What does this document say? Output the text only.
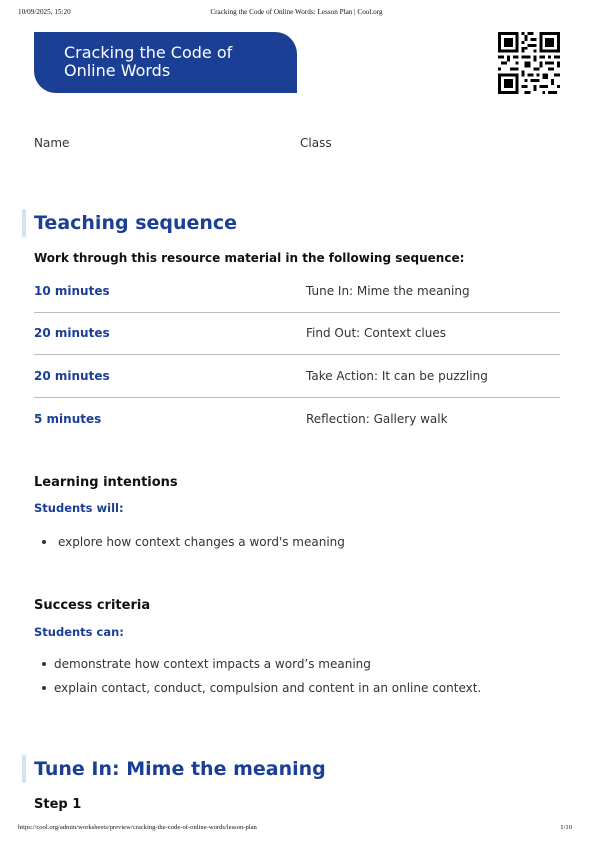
10/09/2025, 15:20	Cracking the Code of Online Words: Lesson Plan | Cool.org
Cracking the Code of
Online Words
Name	Class
Teaching sequence
Work through this resource material in the following sequence:
10 minutes	Tune In: Mime the meaning
20 minutes	Find Out: Context clues
20 minutes	Take Action: It can be puzzling
5 minutes	Reflection: Gallery walk
Learning intentions
Students will:
explore how context changes a word's meaning
Success criteria
Students can:
demonstrate how context impacts a word’s meaning
explain contact, conduct, compulsion and content in an online context.
Tune In: Mime the meaning
Step 1
https://cool.org/admin/worksheets/preview/cracking-the-code-of-online-words/lesson-plan	1/10
